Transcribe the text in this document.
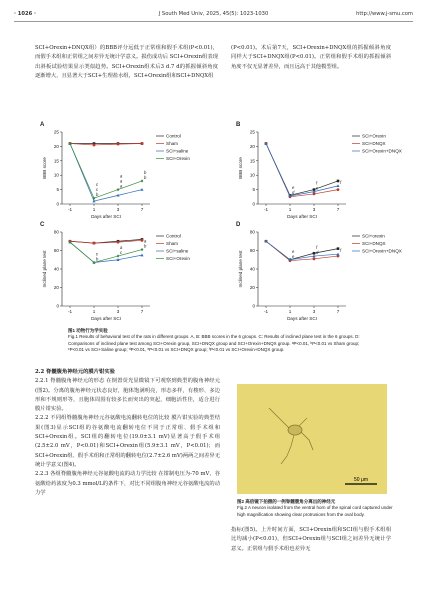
· 1026 ·	J South Med Univ, 2025, 45(5): 1023-1030	http://www.j-smu.com

SCI+Orexin+DNQX组）的BBB评分远低于正常组和假手术组(P<0.01)，而假手术组和正常组之间差异无统计学意义。损伤成功后 SCI+Orexin组表现出斜板试验结果显示类似趋势。SCI+Orexin组术后3 d.7 d的抓握倾斜角度逐渐增大，且显著大于SCI+生理盐水组，SCI+Orexin组和SCI+DNQX组

(P<0.01)。术后第7天，SCI+Orexin+DNQX组的抓握倾斜角度同样大于SCI+DNQX组(P<0.01)。正常组和假手术组的抓握倾斜角度不仅无显著差异，而且远高于其他模型组。

A
0
5
10
15
20
25
-1	1	3	7
Days after SCI
BBB score
Control
Sham
SCI+saline
SCI+Orexin
b
a
b
c
a
b
c
a
B
0
5
10
15
20
25
-1	1	3	7
Days after SCI
BBB score
SCI+Orexin
SCI+DNQX
SCI+Orexin+DNQX
d
e
f
e
f
C
0
20
40
60
80
-1	1	3	7
Days after SCI
Inclined plane test
Control
Sham
SCI+saline
SCI+Orexin
b
c
b
c
a
a
D
0
20
40
60
80
-1	1	3	7
Days after SCI
Inclined plane test
SCI+orexin
SCI+DNQX
SCI+Orexin+DNQX
e
d	f
e
f
图1 动物行为学实验
Fig.1 Results of behavioral test of the rats in different groups. A, B: BBB scores in the 6 groups. C: Results of inclined plane test in the 6 groups. D: Comparisons of inclined plane test among SCI+Orexin group, SCI+DNQX group and SCI+Orexin+DNQX group. ᵃP<0.01, ᵇP<0.01 vs Sham group; ᶜP<0.01 vs SCI+Saline group; ᵈP<0.01, ᵉP<0.01 vs SCI+DNQX group; ᶠP<0.01 vs SCI+Orexin+DNQX group.

2.2 脊髓腹角神经元的膜片钳实验

2.2.1 脊髓腹角神经元的形态 在倒置荧光显微镜下可观察到典型的腹角神经元(图2)。分离的腹角神经元状态良好，胞体饱满明亮，形态多样，有梭形、多边形和不规则形等，且胞体周围有较多长而突出的突起，细胞活性佳，适合进行膜片钳实验。

2.2.2 不同组脊髓腹角神经元谷氨酸电流翻转电位的比较 膜片钳实验的典型结果(图3)显示SCI组的谷氨酸电流翻转电位不同于正常组、假手术组和SCI+Orexin组。SCI组的翻转电位(19.0±3.1 mV)显著高于假手术组(2.5±2.0 mV，P<0.01)和SCI+Orexin组(5.9±3.1 mV，P<0.01)；而SCI+Orexin组、假手术组和正常组的翻转电位(2.7±2.6 mV)两两之间差异无统计学意义(图4)。

2.2.3 各组脊髓腹角神经元谷氨酸电流的动力学比较 在钳制电压为-70 mV，谷氨酸给药浓度为0.3 mmol/L的条件下，对比不同组腹角神经元谷氨酸电流的动力学

50 μm
图2 高倍镜下拍摄的一例脊髓腹角分离出的神经元
Fig.2 A neuron isolated from the ventral horn of the spinal cord captured under high magnification showing clear protrusions from the oval body.

指标(图5)。上升时间方面，SCI+Orexin组和SCI组与假手术组相比均减小(P<0.01)，但SCI+Orexin组与SCI组之间差异无统计学意义。正常组与假手术组也差异无
